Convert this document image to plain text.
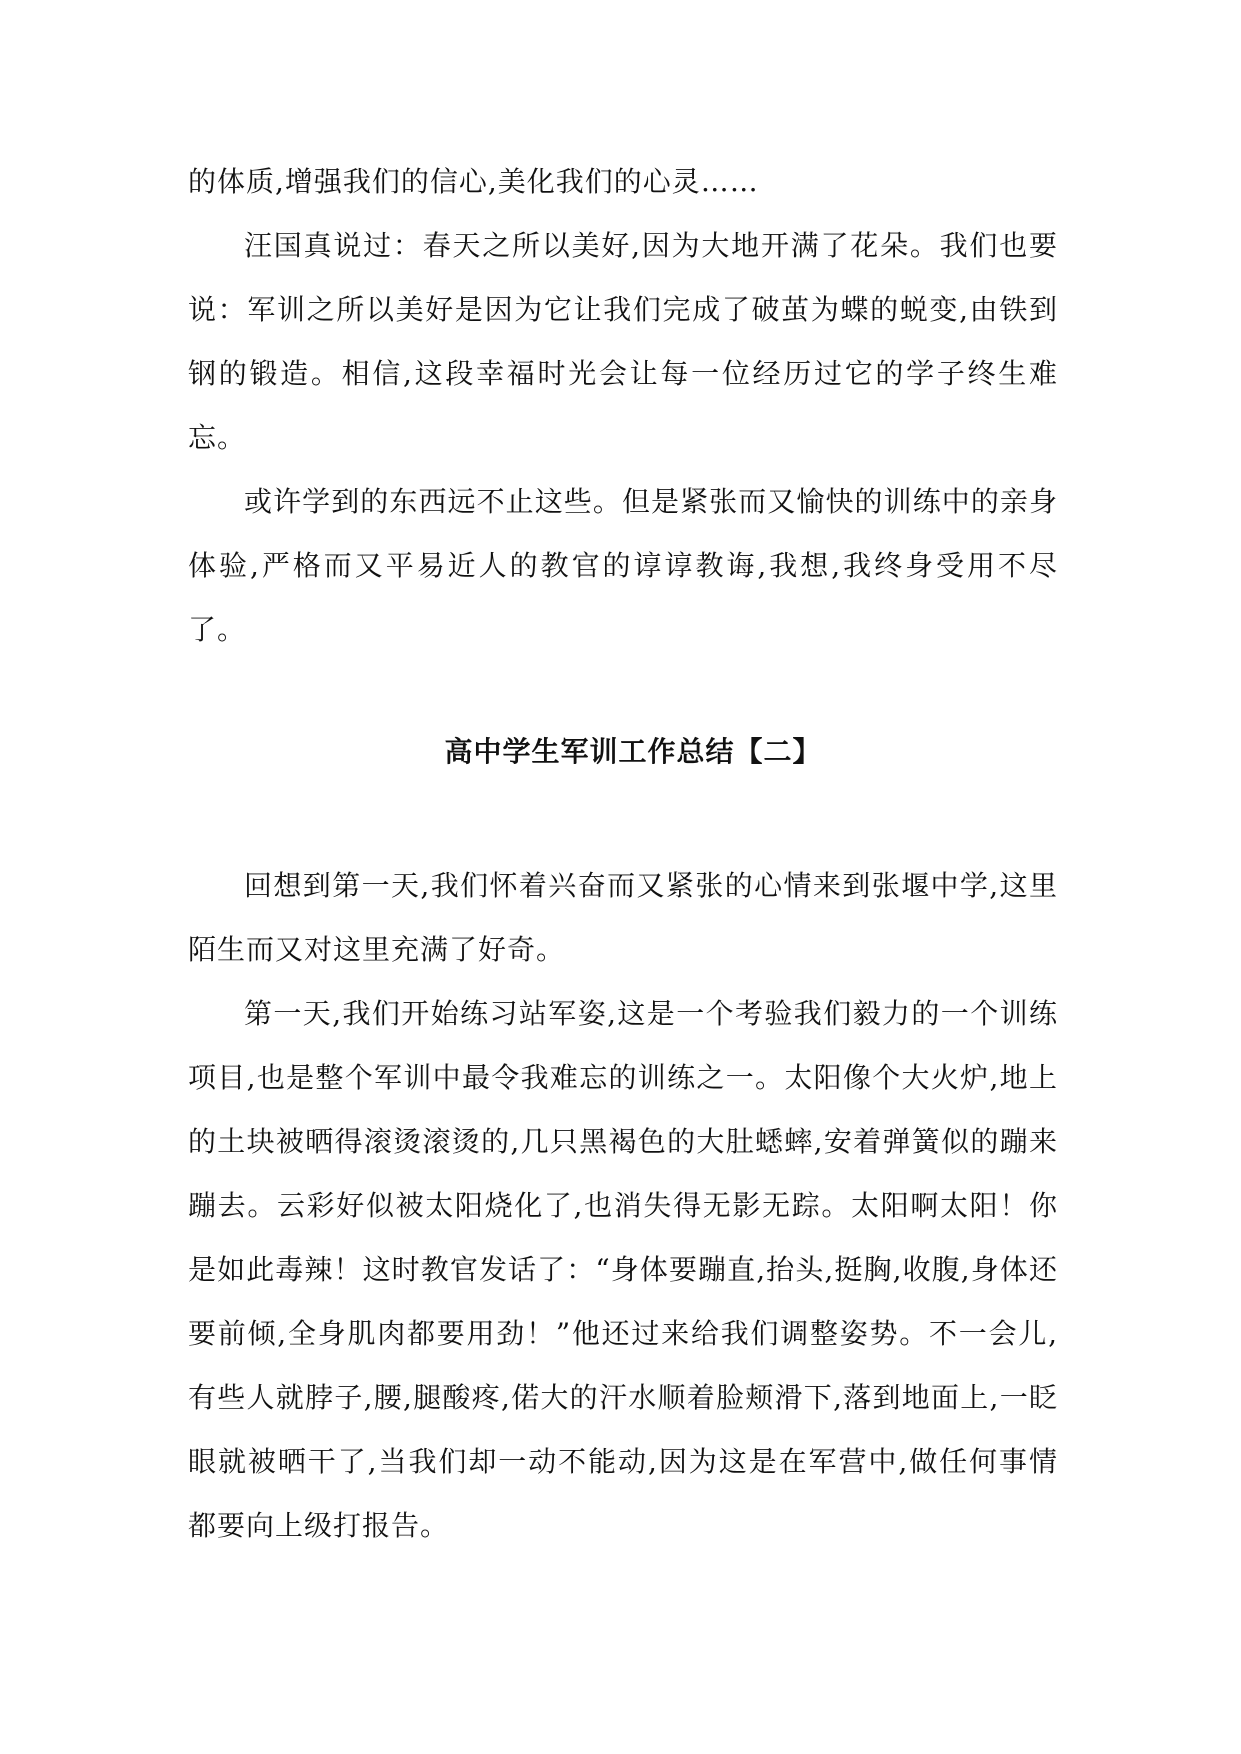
的体质,增强我们的信心,美化我们的心灵……

汪国真说过：春天之所以美好,因为大地开满了花朵。我们也要说：军训之所以美好是因为它让我们完成了破茧为蝶的蜕变,由铁到钢的锻造。相信,这段幸福时光会让每一位经历过它的学子终生难忘。

或许学到的东西远不止这些。但是紧张而又愉快的训练中的亲身体验,严格而又平易近人的教官的谆谆教诲,我想,我终身受用不尽了。

高中学生军训工作总结【二】

回想到第一天,我们怀着兴奋而又紧张的心情来到张堰中学,这里陌生而又对这里充满了好奇。

第一天,我们开始练习站军姿,这是一个考验我们毅力的一个训练项目,也是整个军训中最令我难忘的训练之一。太阳像个大火炉,地上的土块被晒得滚烫滚烫的,几只黑褐色的大肚蟋蟀,安着弹簧似的蹦来蹦去。云彩好似被太阳烧化了,也消失得无影无踪。太阳啊太阳！你是如此毒辣！这时教官发话了：“身体要蹦直,抬头,挺胸,收腹,身体还要前倾,全身肌肉都要用劲！”他还过来给我们调整姿势。不一会儿,有些人就脖子,腰,腿酸疼,偌大的汗水顺着脸颊滑下,落到地面上,一眨眼就被晒干了,当我们却一动不能动,因为这是在军营中,做任何事情都要向上级打报告。
